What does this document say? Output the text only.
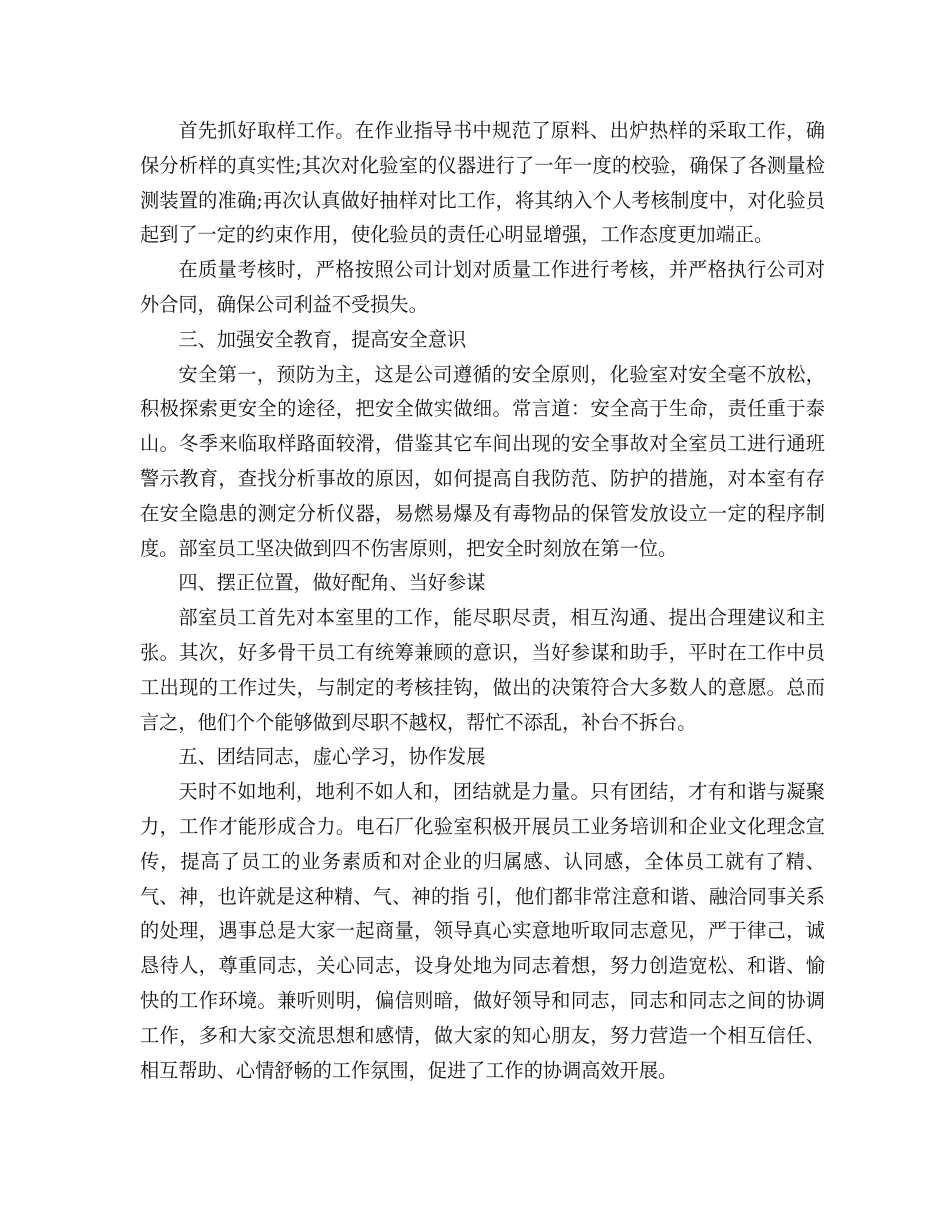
首先抓好取样工作。在作业指导书中规范了原料、出炉热样的采取工作，确保分析样的真实性;其次对化验室的仪器进行了一年一度的校验，确保了各测量检测装置的准确;再次认真做好抽样对比工作，将其纳入个人考核制度中，对化验员起到了一定的约束作用，使化验员的责任心明显增强，工作态度更加端正。

在质量考核时，严格按照公司计划对质量工作进行考核，并严格执行公司对外合同，确保公司利益不受损失。

三、加强安全教育，提高安全意识

安全第一，预防为主，这是公司遵循的安全原则，化验室对安全毫不放松，积极探索更安全的途径，把安全做实做细。常言道：安全高于生命，责任重于泰山。冬季来临取样路面较滑，借鉴其它车间出现的安全事故对全室员工进行通班警示教育，查找分析事故的原因，如何提高自我防范、防护的措施，对本室有存在安全隐患的测定分析仪器，易燃易爆及有毒物品的保管发放设立一定的程序制度。部室员工坚决做到四不伤害原则，把安全时刻放在第一位。

四、摆正位置，做好配角、当好参谋

部室员工首先对本室里的工作，能尽职尽责，相互沟通、提出合理建议和主张。其次，好多骨干员工有统筹兼顾的意识，当好参谋和助手，平时在工作中员工出现的工作过失，与制定的考核挂钩，做出的决策符合大多数人的意愿。总而言之，他们个个能够做到尽职不越权，帮忙不添乱，补台不拆台。

五、团结同志，虚心学习，协作发展

天时不如地利，地利不如人和，团结就是力量。只有团结，才有和谐与凝聚力，工作才能形成合力。电石厂化验室积极开展员工业务培训和企业文化理念宣传，提高了员工的业务素质和对企业的归属感、认同感，全体员工就有了精、气、神，也许就是这种精、气、神的指 引，他们都非常注意和谐、融洽同事关系的处理，遇事总是大家一起商量，领导真心实意地听取同志意见，严于律己，诚恳待人，尊重同志，关心同志，设身处地为同志着想，努力创造宽松、和谐、愉快的工作环境。兼听则明，偏信则暗，做好领导和同志，同志和同志之间的协调工作，多和大家交流思想和感情，做大家的知心朋友，努力营造一个相互信任、相互帮助、心情舒畅的工作氛围，促进了工作的协调高效开展。
